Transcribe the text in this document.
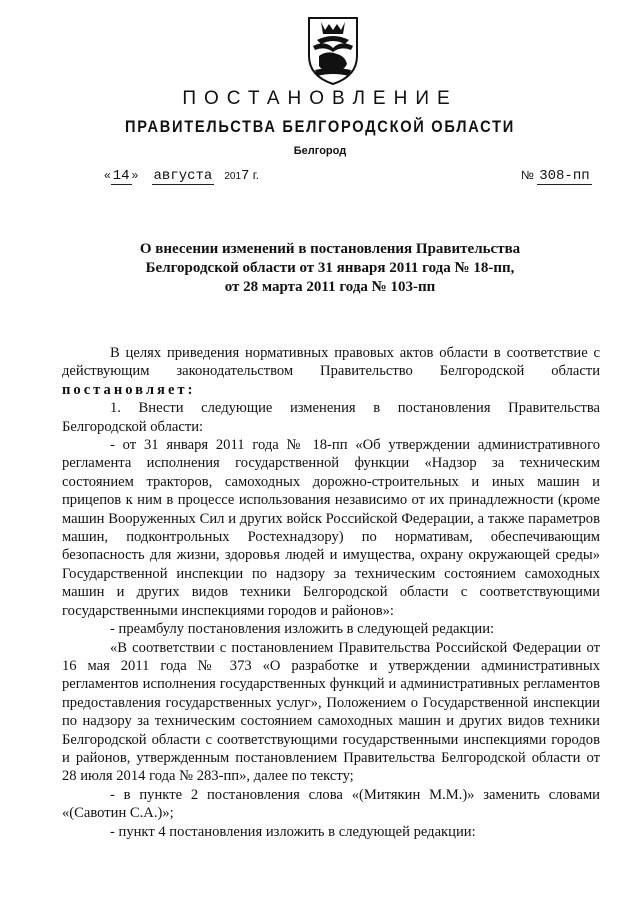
ПОСТАНОВЛЕНИЕ
ПРАВИТЕЛЬСТВА БЕЛГОРОДСКОЙ ОБЛАСТИ
Белгород
« 14 »    августа 2017 г.	№ 308-пп
О внесении изменений в постановления Правительства
Белгородской области от 31 января 2011 года № 18-пп,
от 28 марта 2011 года № 103-пп

В целях приведения нормативных правовых актов области в соответствие с действующим законодательством Правительство Белгородской области постановляет:

1. Внести следующие изменения в постановления Правительства Белгородской области:

- от 31 января 2011 года № 18-пп «Об утверждении административного регламента исполнения государственной функции «Надзор за техническим состоянием тракторов, самоходных дорожно-строительных и иных машин и прицепов к ним в процессе использования независимо от их принадлежности (кроме машин Вооруженных Сил и других войск Российской Федерации, а также параметров машин, подконтрольных Ростехнадзору) по нормативам, обеспечивающим безопасность для жизни, здоровья людей и имущества, охрану окружающей среды» Государственной инспекции по надзору за техническим состоянием самоходных машин и других видов техники Белгородской области с соответствующими государственными инспекциями городов и районов»:

- преамбулу постановления изложить в следующей редакции:

«В соответствии с постановлением Правительства Российской Федерации от 16 мая 2011 года № 373 «О разработке и утверждении административных регламентов исполнения государственных функций и административных регламентов предоставления государственных услуг», Положением о Государственной инспекции по надзору за техническим состоянием самоходных машин и других видов техники Белгородской области с соответствующими государственными инспекциями городов и районов, утвержденным постановлением Правительства Белгородской области от 28 июля 2014 года № 283-пп», далее по тексту;

- в пункте 2 постановления слова «(Митякин М.М.)» заменить словами «(Савотин С.А.)»;

- пункт 4 постановления изложить в следующей редакции:
